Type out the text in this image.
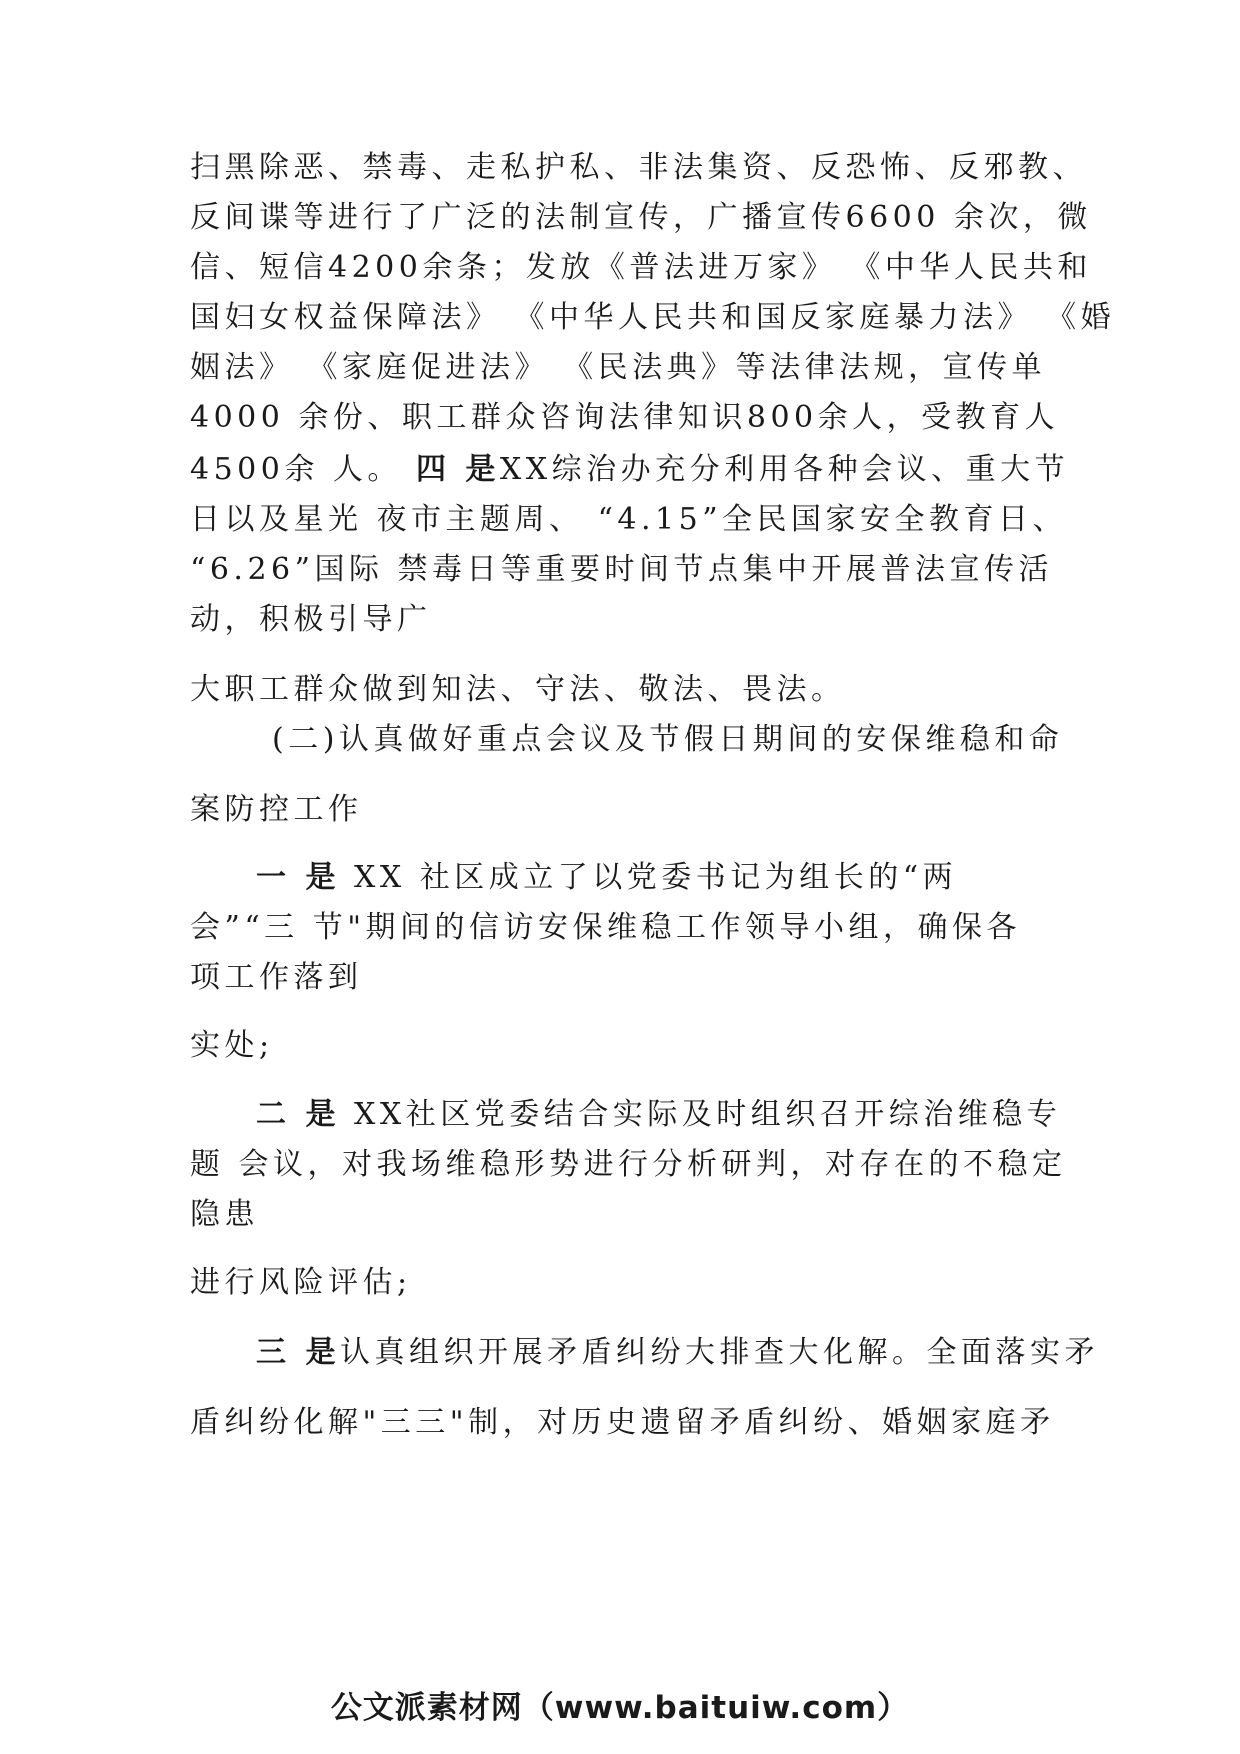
扫黑除恶、禁毒、走私护私、非法集资、反恐怖、反邪教、
反间谍等进行了广泛的法制宣传，广播宣传6600 余次，微
信、短信4200余条；发放《普法进万家》 《中华人民共和
国妇女权益保障法》 《中华人民共和国反家庭暴力法》 《婚
姻法》 《家庭促进法》 《民法典》等法律法规，宣传单
4000 余份、职工群众咨询法律知识800余人，受教育人
4500余 人。 四 是XX综治办充分利用各种会议、重大节
日以及星光 夜市主题周、 “4.15”全民国家安全教育日、
“6.26”国际 禁毒日等重要时间节点集中开展普法宣传活
动，积极引导广
大职工群众做到知法、守法、敬法、畏法。
(二)认真做好重点会议及节假日期间的安保维稳和命
案防控工作
一 是 XX 社区成立了以党委书记为组长的“两
会”“三 节"期间的信访安保维稳工作领导小组，确保各
项工作落到
实处;
二 是 XX社区党委结合实际及时组织召开综治维稳专
题 会议，对我场维稳形势进行分析研判，对存在的不稳定
隐患
进行风险评估;
三 是认真组织开展矛盾纠纷大排查大化解。全面落实矛
盾纠纷化解"三三"制，对历史遗留矛盾纠纷、婚姻家庭矛
公文派素材网（www.baituiw.com）
